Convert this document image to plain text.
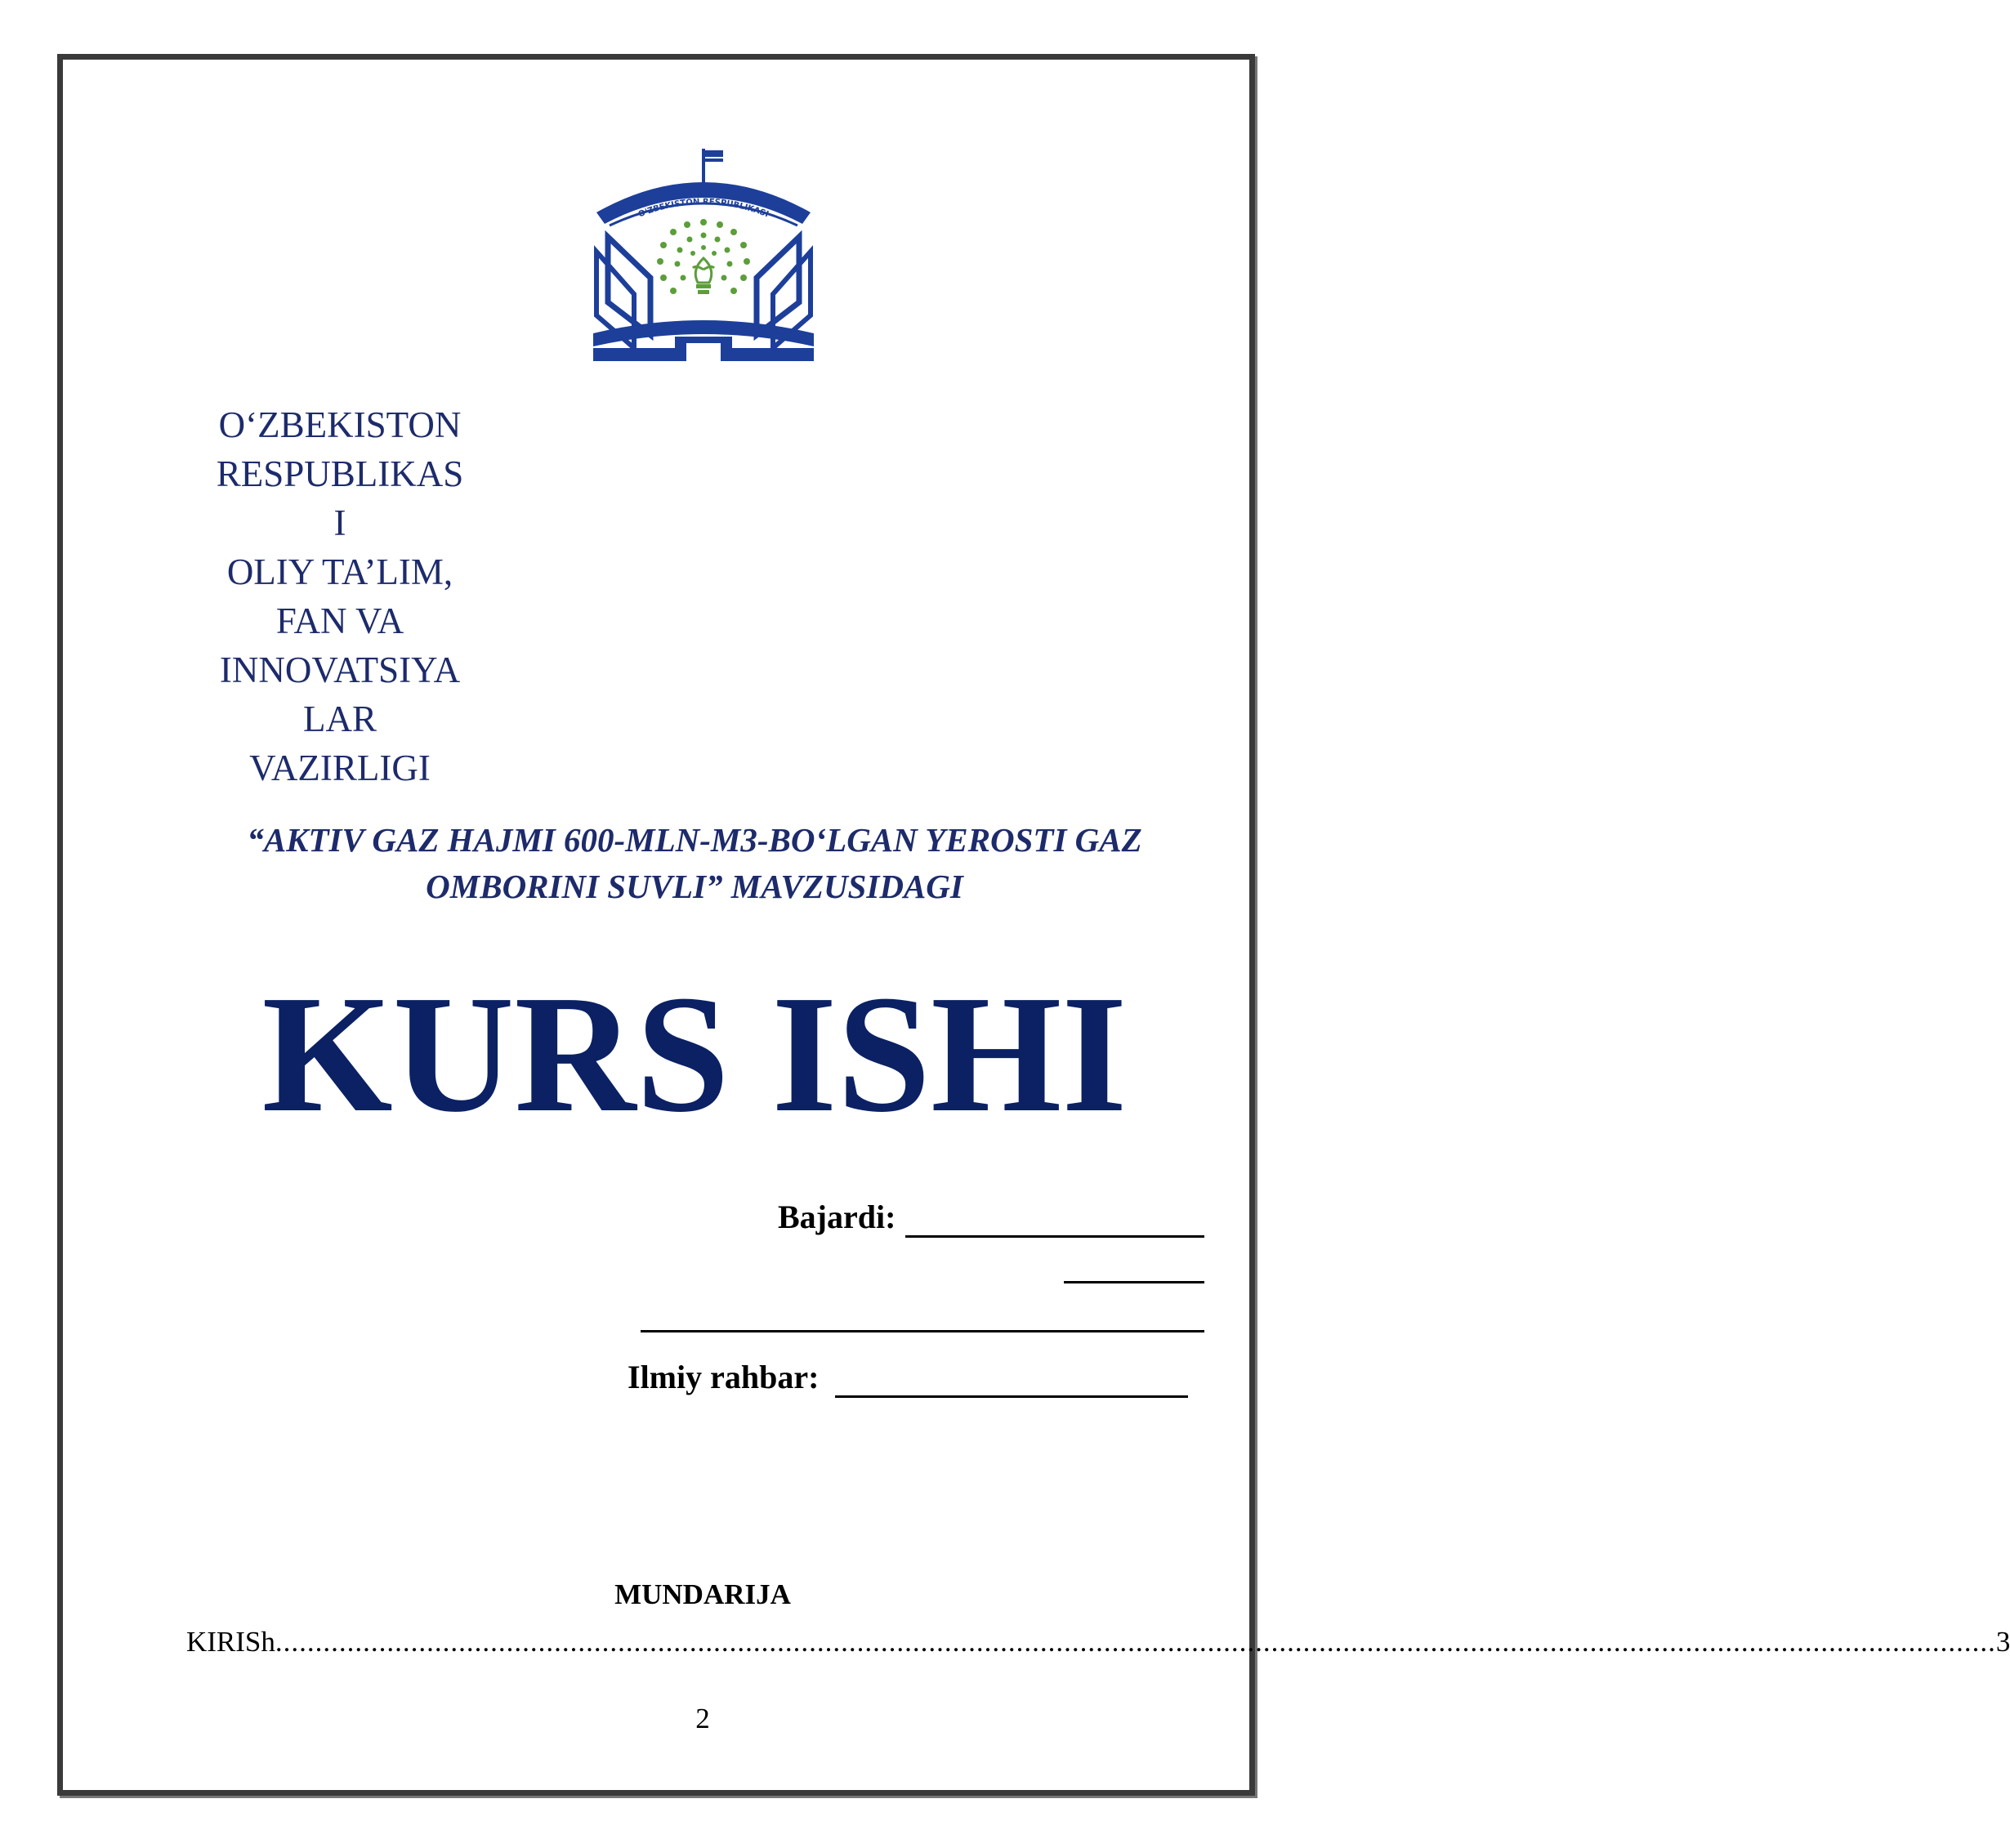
O'ZBEKISTON RESPUBLIKASI
O‘ZBEKISTON
RESPUBLIKAS
I
OLIY TA’LIM,
FAN VA
INNOVATSIYA
LAR
VAZIRLIGI
“AKTIV GAZ HAJMI 600-MLN-M3-BO‘LGAN YEROSTI GAZ
OMBORINI SUVLI” MAVZUSIDAGI
KURS ISHI
Bajardi:
Ilmiy rahbar:
MUNDARIJA
KIRISh ........................................................................................................................................................................................................................ 3
2
